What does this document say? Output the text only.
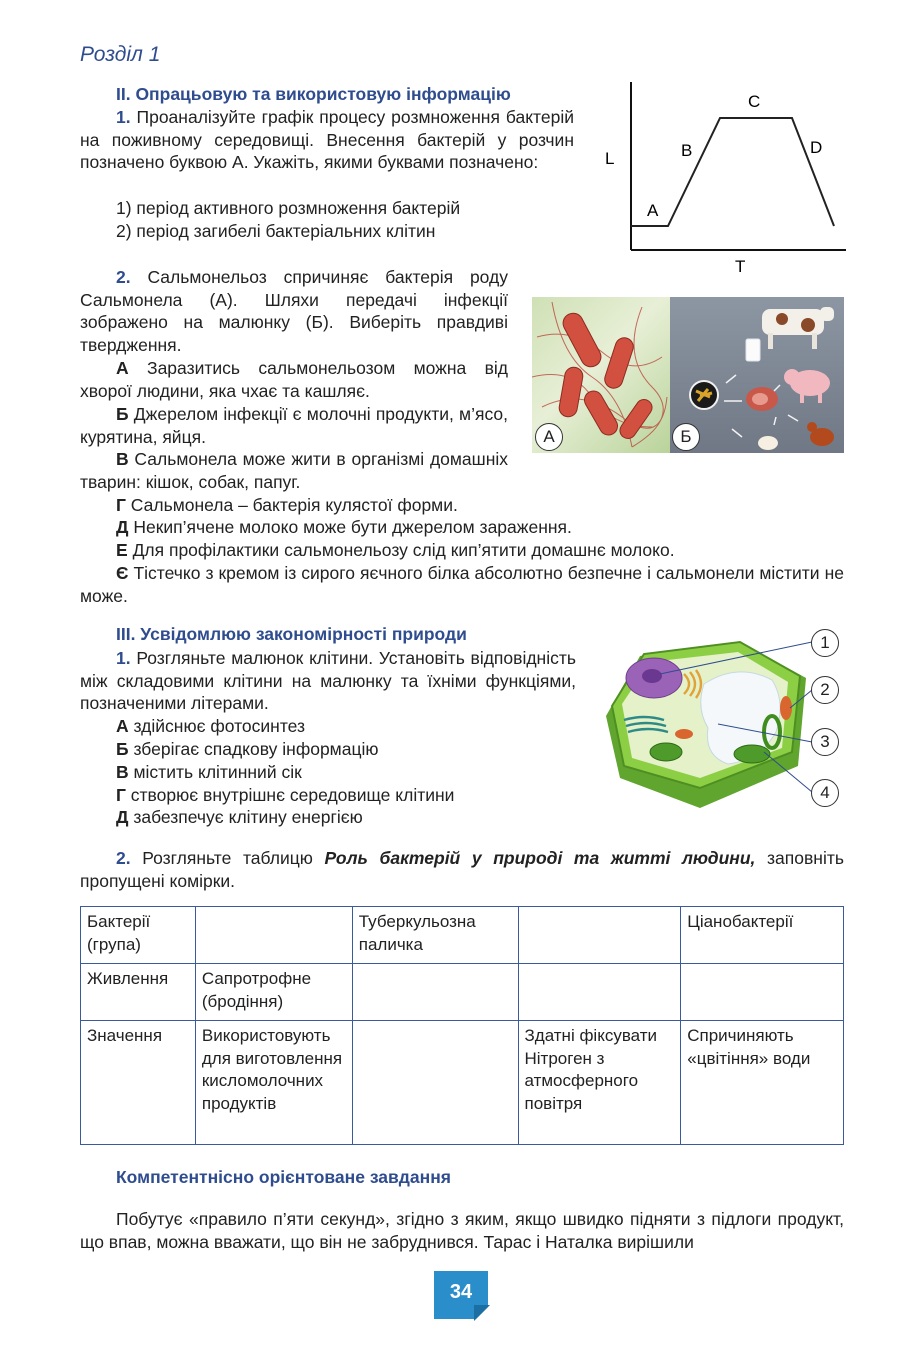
Розділ 1
ІІ. Опрацьовую та використовую інформацію
1. Проаналізуйте графік процесу розмноження бактерій на поживному середовищі. Внесення бактерій у розчин позначено буквою А. Укажіть, якими буквами позначено:
1) період активного розмноження бактерій
2) період загибелі бактеріальних клітин
L
T
A
B
C
D
2. Сальмонельоз спричиняє бактерія роду Сальмонела (А). Шляхи передачі інфекції зображено на малюнку (Б). Виберіть правдиві твердження.
А Заразитись сальмонельозом можна від хворої людини, яка чхає та кашляє.
Б Джерелом інфекції є молочні продукти, м’ясо, курятина, яйця.
В Сальмонела може жити в організмі домашніх тварин: кішок, собак, папуг.
Г Сальмонела – бактерія кулястої форми.
Д Некип’ячене молоко може бути джерелом зараження.
Е Для профілактики сальмонельозу слід кип’ятити домашнє молоко.
Є Тістечко з кремом із сирого яєчного білка абсолютно безпечне і сальмонели містити не може.
А	Б
ІІІ. Усвідомлюю закономірності природи
1. Розгляньте малюнок клітини. Установіть відповідність між складовими клітини на малюнку та їхніми функціями, позначеними літерами.
А здійснює фотосинтез
Б зберігає спадкову інформацію
В містить клітинний сік
Г створює внутрішнє середовище клітини
Д забезпечує клітину енергією
1
2
3
4
2. Розгляньте таблицю Роль бактерій у природі та житті людини, заповніть пропущені комірки.
Бактерії (група)		Туберкульозна паличка		Ціанобактерії
Живлення	Сапротрофне (бродіння)			
Значення	Використовують для виготовлення кисломолочних продуктів		Здатні фіксувати Нітроген з атмосферного повітря	Спричиняють «цвітіння» води
Компетентнісно орієнтоване завдання
Побутує «правило п’яти секунд», згідно з яким, якщо швидко підняти з підлоги продукт, що впав, можна вважати, що він не забруднився. Тарас і Наталка вирішили
34
